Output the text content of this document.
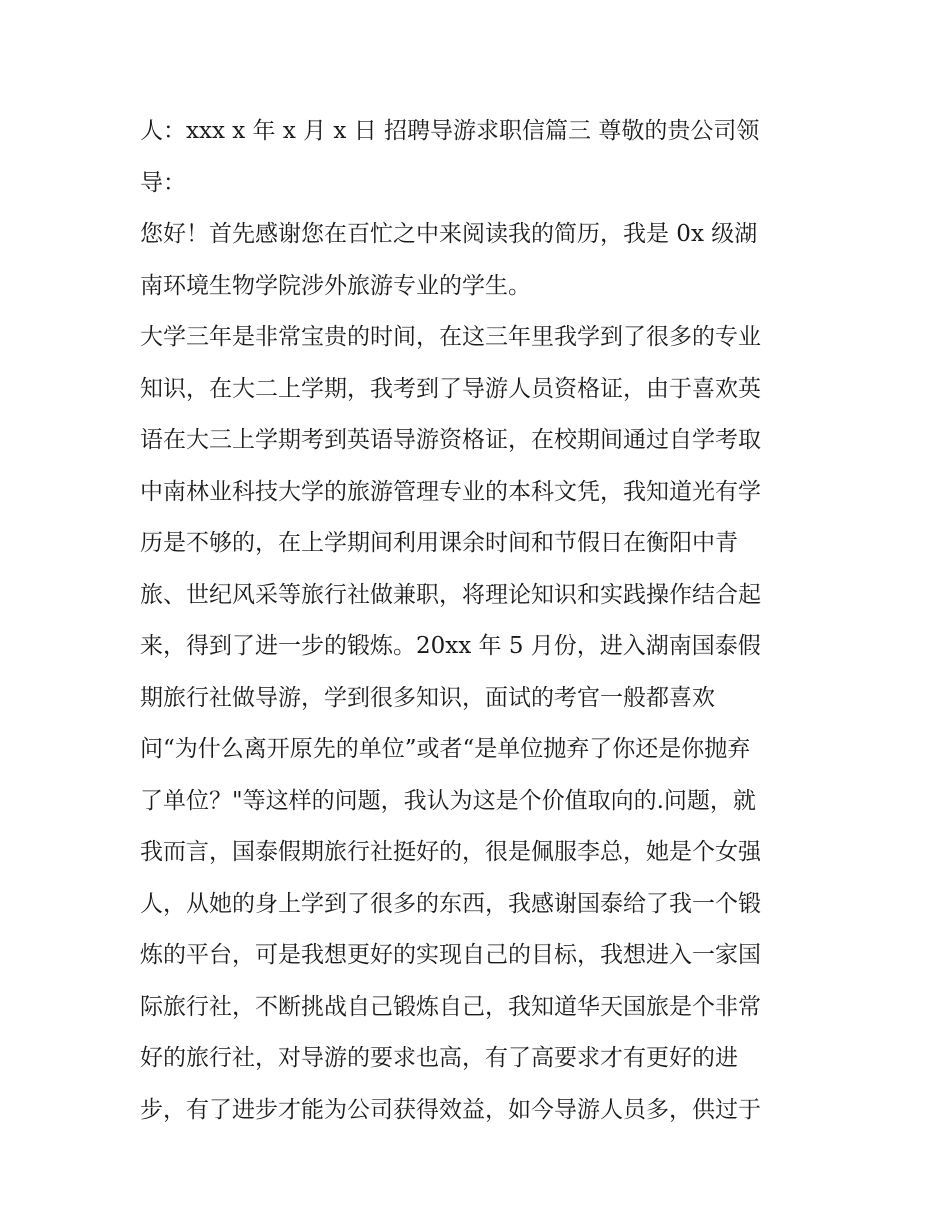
人：xxx x 年 x 月 x 日 招聘导游求职信篇三 尊敬的贵公司领
导：
您好！首先感谢您在百忙之中来阅读我的简历，我是 0x 级湖
南环境生物学院涉外旅游专业的学生。
大学三年是非常宝贵的时间，在这三年里我学到了很多的专业
知识，在大二上学期，我考到了导游人员资格证，由于喜欢英
语在大三上学期考到英语导游资格证，在校期间通过自学考取
中南林业科技大学的旅游管理专业的本科文凭，我知道光有学
历是不够的，在上学期间利用课余时间和节假日在衡阳中青
旅、世纪风采等旅行社做兼职，将理论知识和实践操作结合起
来，得到了进一步的锻炼。20xx 年 5 月份，进入湖南国泰假
期旅行社做导游，学到很多知识，面试的考官一般都喜欢
问“为什么离开原先的单位”或者“是单位抛弃了你还是你抛弃
了单位？"等这样的问题，我认为这是个价值取向的.问题，就
我而言，国泰假期旅行社挺好的，很是佩服李总，她是个女强
人，从她的身上学到了很多的东西，我感谢国泰给了我一个锻
炼的平台，可是我想更好的实现自己的目标，我想进入一家国
际旅行社，不断挑战自己锻炼自己，我知道华天国旅是个非常
好的旅行社，对导游的要求也高，有了高要求才有更好的进
步，有了进步才能为公司获得效益，如今导游人员多，供过于
